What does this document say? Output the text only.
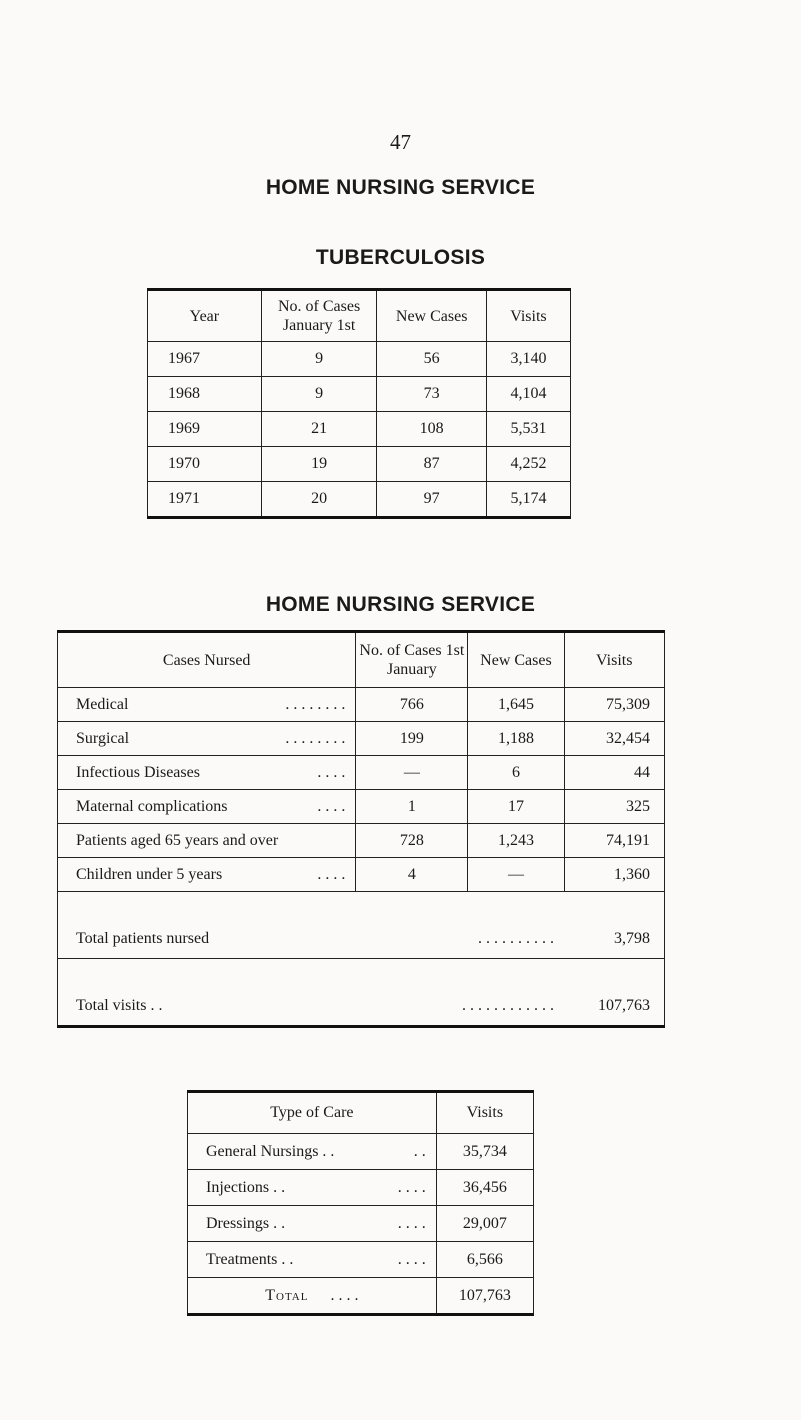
47
HOME NURSING SERVICE
TUBERCULOSIS
Year	No. of Cases January 1st	New Cases	Visits
1967	9	56	3,140
1968	9	73	4,104
1969	21	108	5,531
1970	19	87	4,252
1971	20	97	5,174
HOME NURSING SERVICE
Cases Nursed	No. of Cases 1st January	New Cases	Visits

Medical . . . . . . . .	766	1,645	75,309

Surgical . . . . . . . .	199	1,188	32,454

Infectious Diseases . . . .	—	6	44

Maternal complications . . . .	1	17	325

Patients aged 65 years and over	728	1,243	74,191

Children under 5 years . . . .	4	—	1,360

Total patients nursed . . . . . . . . . .			3,798

Total visits . . . . . . . . . . . . . .			107,763
Type of Care	Visits

General Nursings . . . .	35,734

Injections . . . . . .	36,456

Dressings . . . . . .	29,007

Treatments . . . . . .	6,566

Total . . . .	107,763
